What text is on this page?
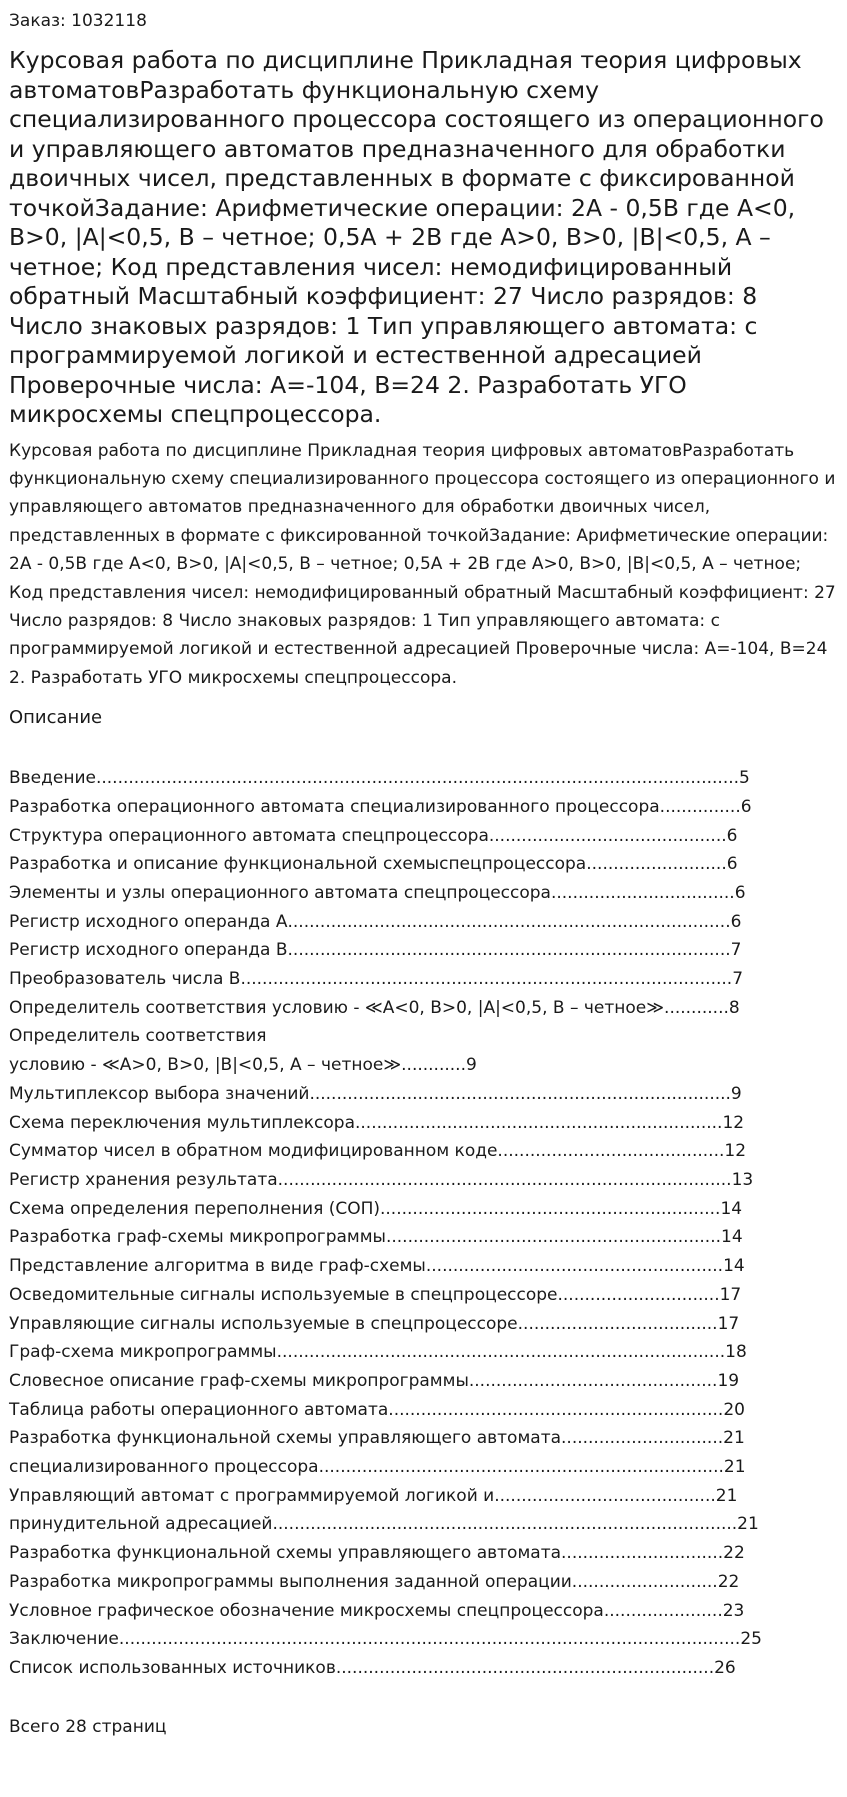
Заказ: 1032118
Курсовая работа по дисциплине Прикладная теория цифровых автоматовРазработать функциональную схему специализированного процессора состоящего из операционного и управляющего автоматов предназначенного для обработки двоичных чисел, представленных в формате с фиксированной точкойЗадание: Арифметические операции: 2А - 0,5В где А<0, В>0, |А|<0,5, В – четное; 0,5А + 2В где А>0, В>0, |В|<0,5, А – четное; Код представления чисел: немодифицированный обратный Масштабный коэффициент: 27 Число разрядов: 8 Число знаковых разрядов: 1 Тип управляющего автомата: с программируемой логикой и естественной адресацией Проверочные числа: А=-104, В=24 2. Разработать УГО микросхемы спецпроцессора.

Курсовая работа по дисциплине Прикладная теория цифровых автоматовРазработать функциональную схему специализированного процессора состоящего из операционного и управляющего автоматов предназначенного для обработки двоичных чисел, представленных в формате с фиксированной точкойЗадание: Арифметические операции: 2А - 0,5В где А<0, В>0, |А|<0,5, В – четное; 0,5А + 2В где А>0, В>0, |В|<0,5, А – четное; Код представления чисел: немодифицированный обратный Масштабный коэффициент: 27 Число разрядов: 8 Число знаковых разрядов: 1 Тип управляющего автомата: с программируемой логикой и естественной адресацией Проверочные числа: А=-104, В=24 2. Разработать УГО микросхемы спецпроцессора.

Описание
Введение.......................................................................................................................5
Разработка операционного автомата специализированного процессора...............6
Структура операционного автомата спецпроцессора............................................6
Разработка и описание функциональной схемыспецпроцессора..........................6
Элементы и узлы операционного автомата спецпроцессора..................................6
Регистр исходного операнда А..................................................................................6
Регистр исходного операнда В..................................................................................7
Преобразователь числа В...........................................................................................7
Определитель соответствия условию - ≪А<0, В>0, |А|<0,5, В – четное≫............8
Определитель соответствия
условию - ≪А>0, В>0, |В|<0,5, А – четное≫............9
Мультиплексор выбора значений..............................................................................9
Схема переключения мультиплексора....................................................................12
Сумматор чисел в обратном модифицированном коде..........................................12
Регистр хранения результата....................................................................................13
Схема определения переполнения (СОП)...............................................................14
Разработка граф-схемы микропрограммы..............................................................14
Представление алгоритма в виде граф-схемы.......................................................14
Осведомительные сигналы используемые в спецпроцессоре..............................17
Управляющие сигналы используемые в спецпроцессоре.....................................17
Граф-схема микропрограммы...................................................................................18
Словесное описание граф-схемы микропрограммы..............................................19
Таблица работы операционного автомата..............................................................20
Разработка функциональной схемы управляющего автомата..............................21
специализированного процессора...........................................................................21
Управляющий автомат с программируемой логикой и.........................................21
принудительной адресацией......................................................................................21
Разработка функциональной схемы управляющего автомата..............................22
Разработка микропрограммы выполнения заданной операции...........................22
Условное графическое обозначение микросхемы спецпроцессора......................23
Заключение...................................................................................................................25
Список использованных источников......................................................................26
Всего 28 страниц
